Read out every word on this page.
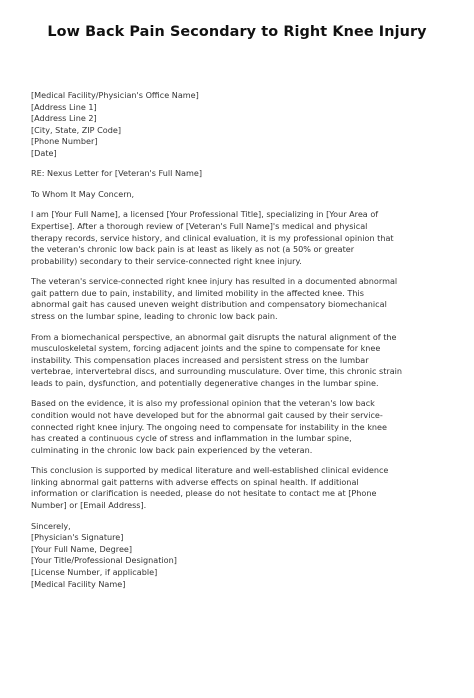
Low Back Pain Secondary to Right Knee Injury
[Medical Facility/Physician's Office Name]
[Address Line 1]
[Address Line 2]
[City, State, ZIP Code]
[Phone Number]
[Date]
RE: Nexus Letter for [Veteran's Full Name]
To Whom It May Concern,
I am [Your Full Name], a licensed [Your Professional Title], specializing in [Your Area of
Expertise]. After a thorough review of [Veteran's Full Name]'s medical and physical
therapy records, service history, and clinical evaluation, it is my professional opinion that
the veteran's chronic low back pain is at least as likely as not (a 50% or greater
probability) secondary to their service-connected right knee injury.
The veteran's service-connected right knee injury has resulted in a documented abnormal
gait pattern due to pain, instability, and limited mobility in the affected knee. This
abnormal gait has caused uneven weight distribution and compensatory biomechanical
stress on the lumbar spine, leading to chronic low back pain.
From a biomechanical perspective, an abnormal gait disrupts the natural alignment of the
musculoskeletal system, forcing adjacent joints and the spine to compensate for knee
instability. This compensation places increased and persistent stress on the lumbar
vertebrae, intervertebral discs, and surrounding musculature. Over time, this chronic strain
leads to pain, dysfunction, and potentially degenerative changes in the lumbar spine.
Based on the evidence, it is also my professional opinion that the veteran's low back
condition would not have developed but for the abnormal gait caused by their service-
connected right knee injury. The ongoing need to compensate for instability in the knee
has created a continuous cycle of stress and inflammation in the lumbar spine,
culminating in the chronic low back pain experienced by the veteran.
This conclusion is supported by medical literature and well-established clinical evidence
linking abnormal gait patterns with adverse effects on spinal health. If additional
information or clarification is needed, please do not hesitate to contact me at [Phone
Number] or [Email Address].
Sincerely,
[Physician's Signature]
[Your Full Name, Degree]
[Your Title/Professional Designation]
[License Number, if applicable]
[Medical Facility Name]
